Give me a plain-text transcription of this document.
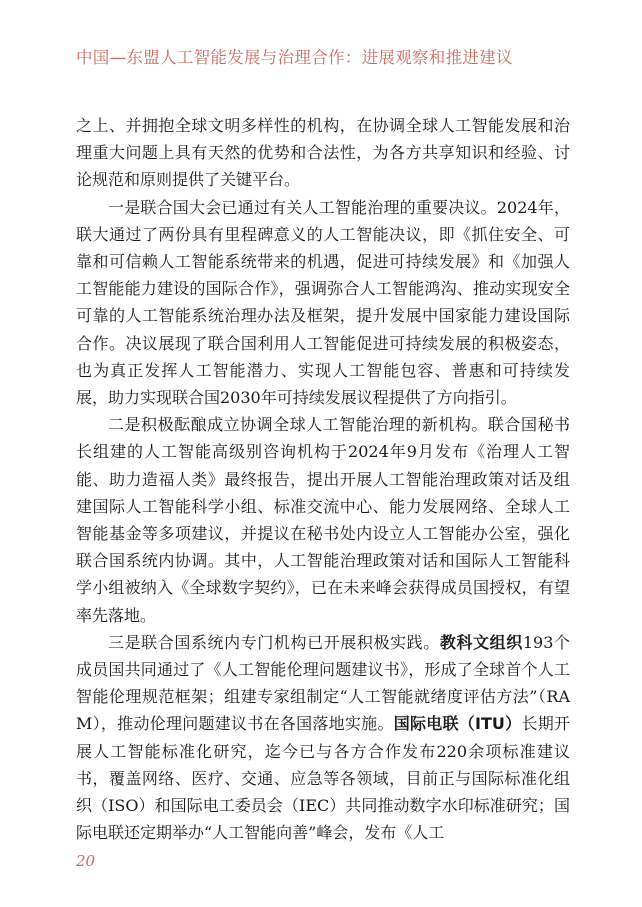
中国—东盟人工智能发展与治理合作：进展观察和推进建议

之上、并拥抱全球文明多样性的机构，在协调全球人工智能发展和治理重大问题上具有天然的优势和合法性，为各方共享知识和经验、讨论规范和原则提供了关键平台。

一是联合国大会已通过有关人工智能治理的重要决议。2024年，联大通过了两份具有里程碑意义的人工智能决议，即《抓住安全、可靠和可信赖人工智能系统带来的机遇，促进可持续发展》和《加强人工智能能力建设的国际合作》，强调弥合人工智能鸿沟、推动实现安全可靠的人工智能系统治理办法及框架，提升发展中国家能力建设国际合作。决议展现了联合国利用人工智能促进可持续发展的积极姿态，也为真正发挥人工智能潜力、实现人工智能包容、普惠和可持续发展，助力实现联合国2030年可持续发展议程提供了方向指引。

二是积极酝酿成立协调全球人工智能治理的新机构。联合国秘书长组建的人工智能高级别咨询机构于2024年9月发布《治理人工智能、助力造福人类》最终报告，提出开展人工智能治理政策对话及组建国际人工智能科学小组、标准交流中心、能力发展网络、全球人工智能基金等多项建议，并提议在秘书处内设立人工智能办公室，强化联合国系统内协调。其中，人工智能治理政策对话和国际人工智能科学小组被纳入《全球数字契约》，已在未来峰会获得成员国授权，有望率先落地。

三是联合国系统内专门机构已开展积极实践。教科文组织193个成员国共同通过了《人工智能伦理问题建议书》，形成了全球首个人工智能伦理规范框架；组建专家组制定“人工智能就绪度评估方法”（RAM），推动伦理问题建议书在各国落地实施。国际电联（ITU）长期开展人工智能标准化研究，迄今已与各方合作发布220余项标准建议书，覆盖网络、医疗、交通、应急等各领域，目前正与国际标准化组织（ISO）和国际电工委员会（IEC）共同推动数字水印标准研究；国际电联还定期举办“人工智能向善”峰会，发布《人工

20
